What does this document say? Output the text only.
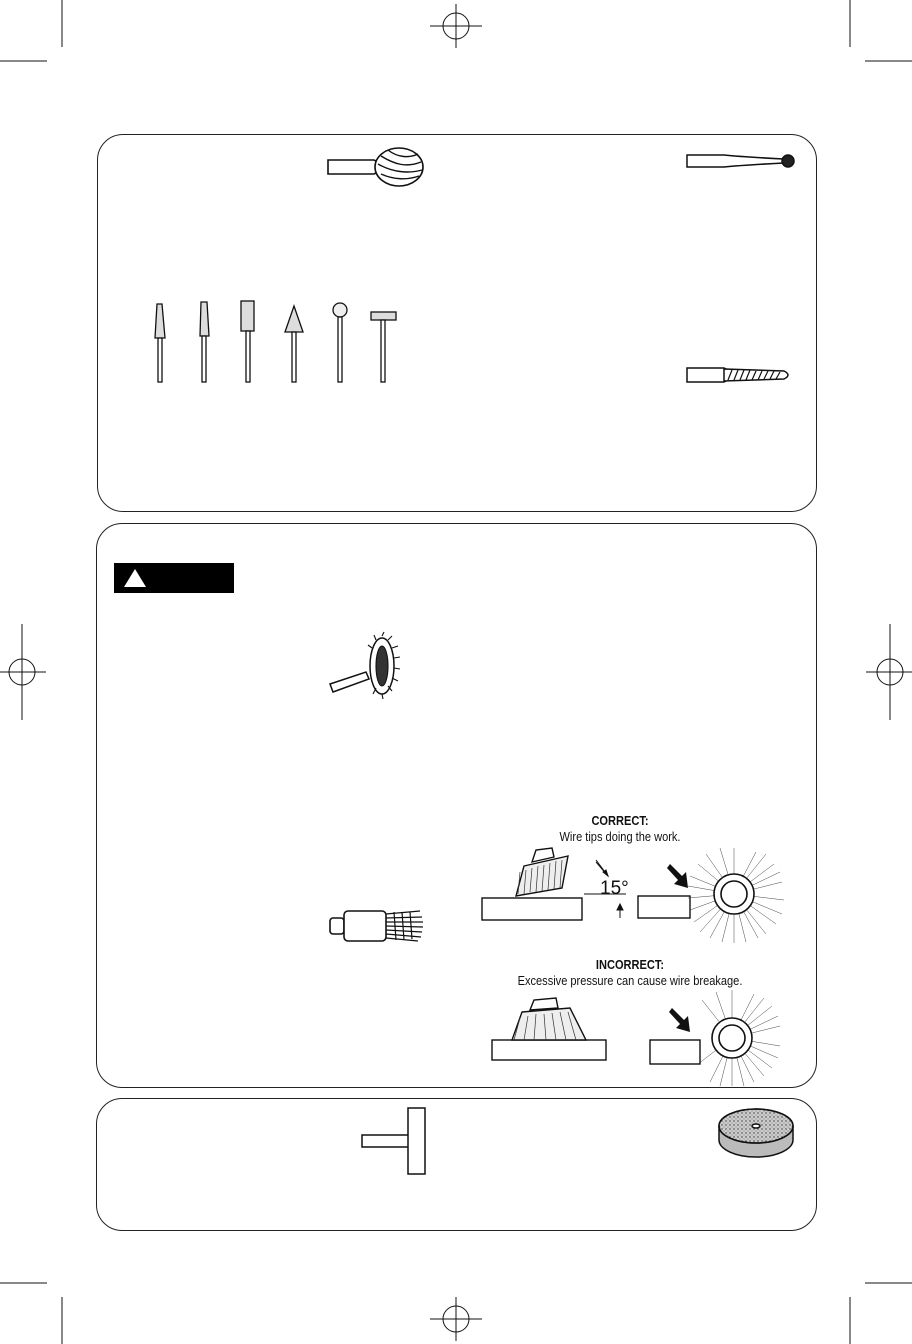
CORRECT:
Wire tips doing the work.
15°
INCORRECT:
Excessive pressure can cause wire breakage.
